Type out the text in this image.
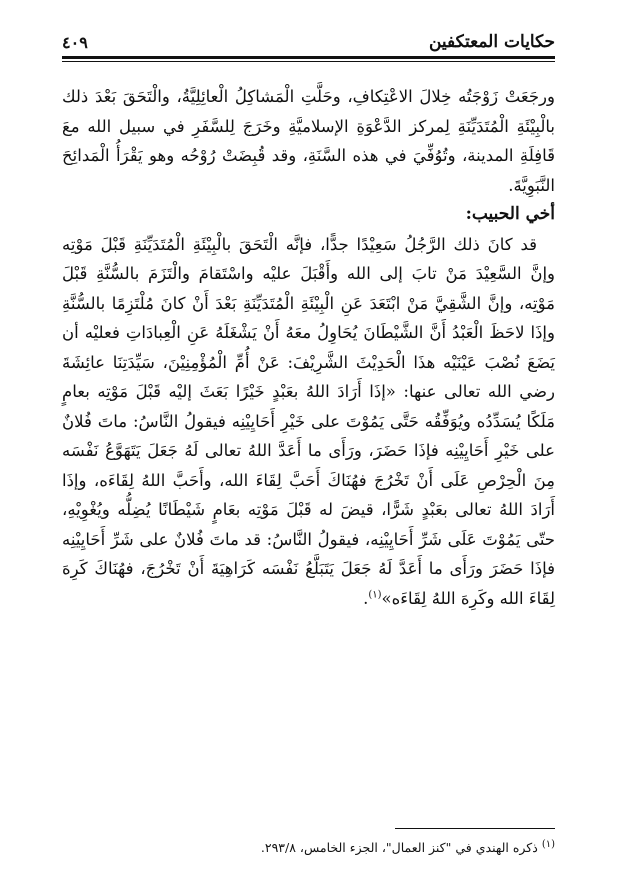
حكايات المعتكفين
٤٠٩

ورجَعَتْ زَوْجَتُه خِلالَ الاعْتِكافِ، وحَلَّتِ الْمَشاكِلُ الْعائِلِيَّةُ، والْتَحَقَ بَعْدَ ذلك بالْبِيْئَةِ الْمُتَدَيِّنَةِ لِمركز الدَّعْوَةِ الإسلاميَّةِ وخَرَجَ لِلسَّفَرِ في سبيل الله معَ قَافِلَةِ المدينة، وتُوُفِّيَ في هذه السَّنَةِ، وقد قُبِضَتْ رُوْحُه وهو يَقْرَأُ الْمَدائِحَ النَّبَوِيَّةَ.

أخي الحبيب:

قد كانَ ذلك الرَّجُلُ سَعِيْدًا جدًّا، فإنَّه الْتَحَقَ بالْبِيْئَةِ الْمُتَدَيِّنَةِ قَبْلَ مَوْتِه وإنَّ السَّعِيْدَ مَنْ تابَ إلى الله وأَقْبَلَ عليْه واسْتَقامَ والْتَزَمَ بالسُّنَّةِ قَبْلَ مَوْتِه، وإنَّ الشَّقِيَّ مَنْ ابْتَعَدَ عَنِ الْبِيْئَةِ الْمُتَدَيِّنَةِ بَعْدَ أَنْ كانَ مُلْتَزِمًا بالسُّنَّةِ وإذَا لاحَظَ الْعَبْدُ أَنَّ الشَّيْطَانَ يُحَاوِلُ معَهُ أَنْ يَشْغَلَهُ عَنِ الْعِبادَاتِ فعليْه أن يَضَعَ نُصْبَ عَيْنَيْه هذَا الْحَدِيْثَ الشَّرِيْفَ: عَنْ أُمِّ الْمُؤْمِنِيْنَ، سَيِّدَتِنَا عائِشَةَ رضي الله تعالى عنها: «إذَا أَرَادَ اللهُ بعَبْدٍ خَيْرًا بَعَثَ إليْه قَبْلَ مَوْتِه بعامٍ مَلَكًا يُسَدِّدُه ويُوَفِّقُه حَتَّى يَمُوْتَ على خَيْرِ أَحَايِيْنِه فيقولُ النَّاسُ: ماتَ فُلانٌ على خَيْرِ أَحَايِيْنِه فإذَا حَضَرَ، ورَأَى ما أَعَدَّ اللهُ تعالى لَهُ جَعَلَ يَتَهَوَّعُ نَفْسَه مِنَ الْحِرْصِ عَلَى أَنْ تَخْرُجَ فهُنَاكَ أَحَبَّ لِقَاءَ الله، وأَحَبَّ اللهُ لِقَاءَه، وإذَا أَرَادَ اللهُ تعالى بعَبْدٍ شَرًّا، قيضَ له قَبْلَ مَوْتِه بعَامٍ شَيْطَانًا يُضِلُّه ويُغْوِيْهِ، حتّى يَمُوْتَ عَلَى شَرِّ أَحَايِيْنِه، فيقولُ النَّاسُ: قد ماتَ فُلانٌ على شَرِّ أَحَايِيْنِه فإذَا حَضَرَ ورَأَى ما أَعَدَّ لَهُ جَعَلَ يَتَبَلَّعُ نَفْسَه كَرَاهِيَةَ أَنْ تَخْرُجَ، فهُنَاكَ كَرِهَ لِقَاءَ الله وكَرِهَ اللهُ لِقَاءَه»$^{(١)}$.

$^{(١)}$ ذكره الهندي في "كنز العمال"، الجزء الخامس، ٢٩٣/٨.
